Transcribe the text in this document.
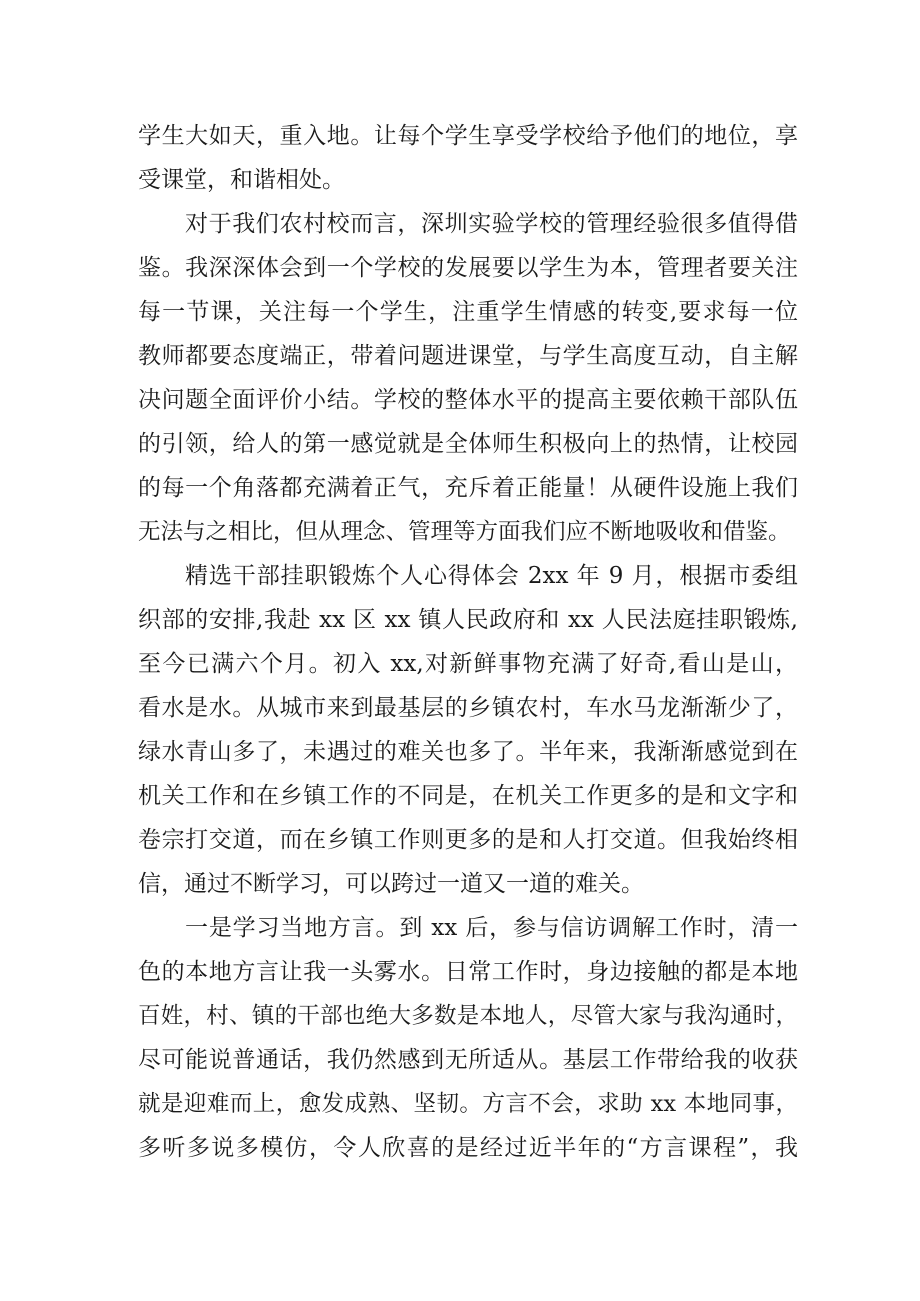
学生大如天，重入地。让每个学生享受学校给予他们的地位，享
受课堂，和谐相处。
对于我们农村校而言，深圳实验学校的管理经验很多值得借
鉴。我深深体会到一个学校的发展要以学生为本，管理者要关注
每一节课，关注每一个学生，注重学生情感的转变,要求每一位
教师都要态度端正，带着问题进课堂，与学生高度互动，自主解
决问题全面评价小结。学校的整体水平的提高主要依赖干部队伍
的引领，给人的第一感觉就是全体师生积极向上的热情，让校园
的每一个角落都充满着正气，充斥着正能量！从硬件设施上我们
无法与之相比，但从理念、管理等方面我们应不断地吸收和借鉴。
精选干部挂职锻炼个人心得体会 2xx 年 9 月，根据市委组
织部的安排,我赴 xx 区 xx 镇人民政府和 xx 人民法庭挂职锻炼,
至今已满六个月。初入 xx,对新鲜事物充满了好奇,看山是山，
看水是水。从城市来到最基层的乡镇农村，车水马龙渐渐少了，
绿水青山多了，未遇过的难关也多了。半年来，我渐渐感觉到在
机关工作和在乡镇工作的不同是，在机关工作更多的是和文字和
卷宗打交道，而在乡镇工作则更多的是和人打交道。但我始终相
信，通过不断学习，可以跨过一道又一道的难关。
一是学习当地方言。到 xx 后，参与信访调解工作时，清一
色的本地方言让我一头雾水。日常工作时，身边接触的都是本地
百姓，村、镇的干部也绝大多数是本地人，尽管大家与我沟通时，
尽可能说普通话，我仍然感到无所适从。基层工作带给我的收获
就是迎难而上，愈发成熟、坚韧。方言不会，求助 xx 本地同事，
多听多说多模仿，令人欣喜的是经过近半年的“方言课程”，我
